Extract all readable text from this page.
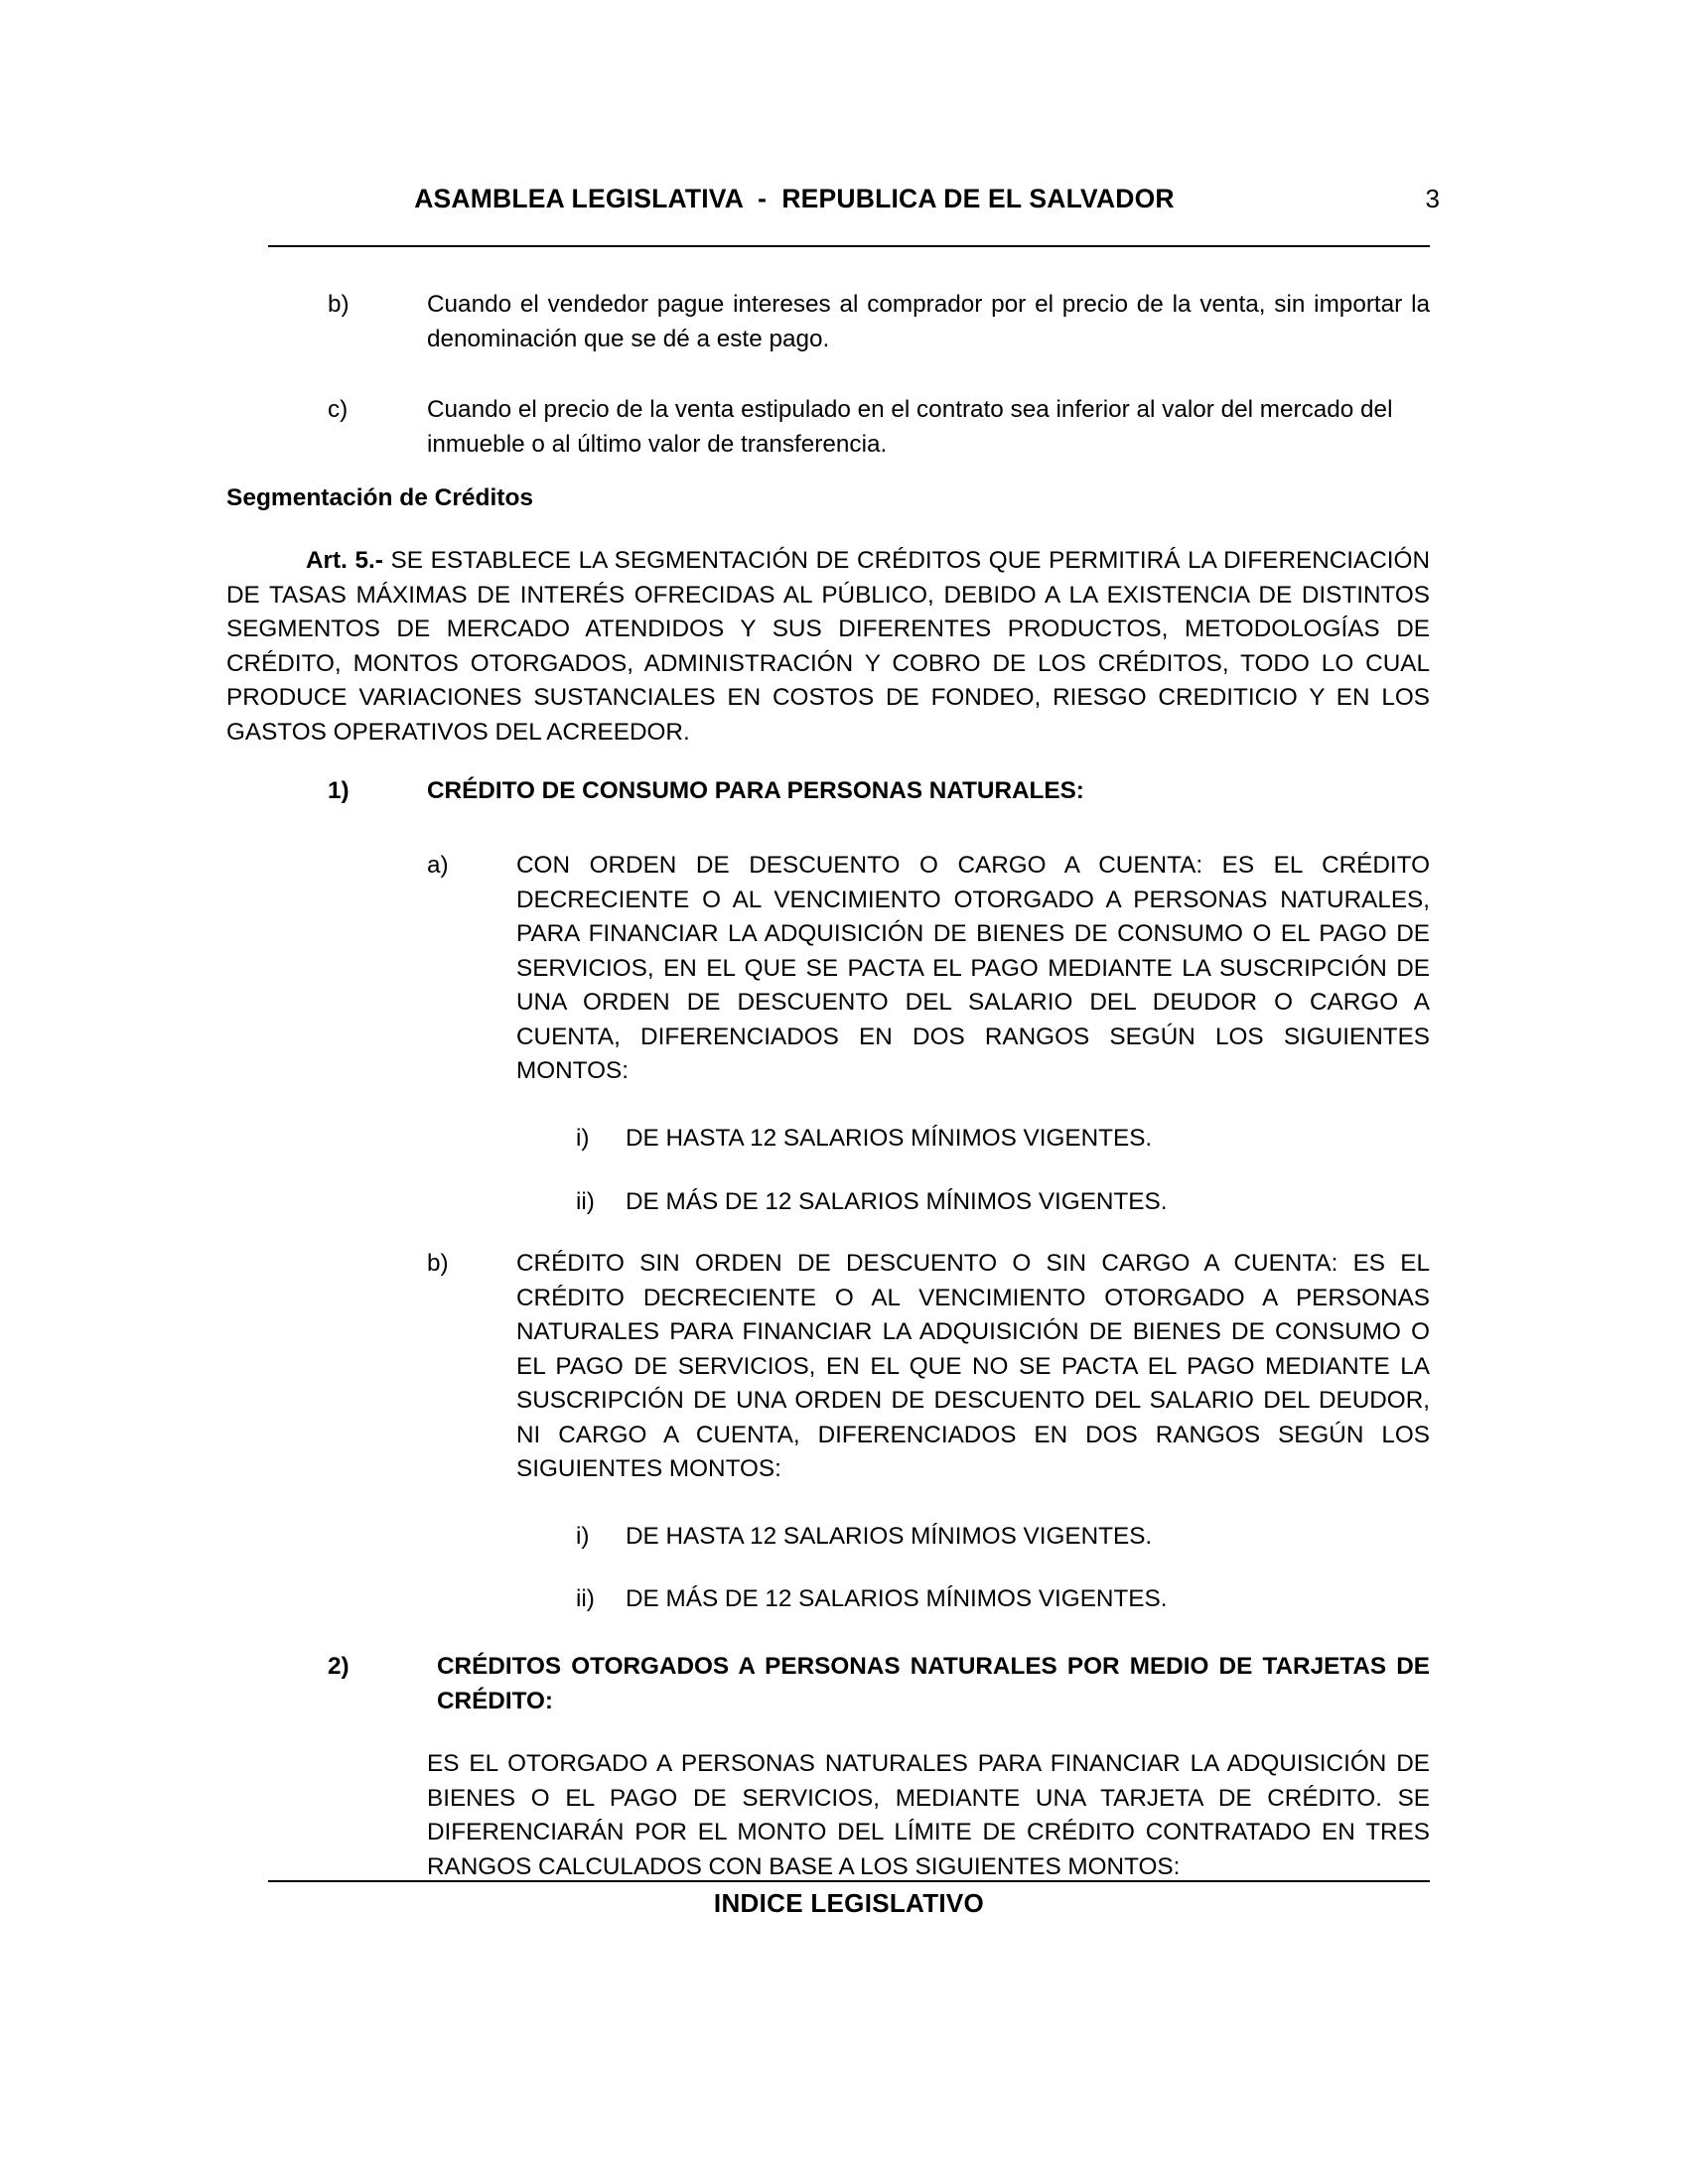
ASAMBLEA LEGISLATIVA  -  REPUBLICA DE EL SALVADOR	3
b)	Cuando el vendedor pague intereses al comprador por el precio de la venta, sin importar la denominación que se dé a este pago.
c)	Cuando el precio de la venta estipulado en el contrato sea inferior al valor del mercado del inmueble o al último valor de transferencia.
Segmentación de Créditos
Art. 5.- SE ESTABLECE LA SEGMENTACIÓN DE CRÉDITOS QUE PERMITIRÁ LA DIFERENCIACIÓN DE TASAS MÁXIMAS DE INTERÉS OFRECIDAS AL PÚBLICO, DEBIDO A LA EXISTENCIA DE DISTINTOS SEGMENTOS DE MERCADO ATENDIDOS Y SUS DIFERENTES PRODUCTOS, METODOLOGÍAS DE CRÉDITO, MONTOS OTORGADOS, ADMINISTRACIÓN Y COBRO DE LOS CRÉDITOS, TODO LO CUAL PRODUCE VARIACIONES SUSTANCIALES EN COSTOS DE FONDEO, RIESGO CREDITICIO Y EN LOS GASTOS OPERATIVOS DEL ACREEDOR.
1)	CRÉDITO DE CONSUMO PARA PERSONAS NATURALES:
a)	CON ORDEN DE DESCUENTO O CARGO A CUENTA: ES EL CRÉDITO DECRECIENTE O AL VENCIMIENTO OTORGADO A PERSONAS NATURALES, PARA FINANCIAR LA ADQUISICIÓN DE BIENES DE CONSUMO O EL PAGO DE SERVICIOS, EN EL QUE SE PACTA EL PAGO MEDIANTE LA SUSCRIPCIÓN DE UNA ORDEN DE DESCUENTO DEL SALARIO DEL DEUDOR O CARGO A CUENTA, DIFERENCIADOS EN DOS RANGOS SEGÚN LOS SIGUIENTES MONTOS:
i) DE HASTA 12 SALARIOS MÍNIMOS VIGENTES.
ii) DE MÁS DE 12 SALARIOS MÍNIMOS VIGENTES.
b)	CRÉDITO SIN ORDEN DE DESCUENTO O SIN CARGO A CUENTA: ES EL CRÉDITO DECRECIENTE O AL VENCIMIENTO OTORGADO A PERSONAS NATURALES PARA FINANCIAR LA ADQUISICIÓN DE BIENES DE CONSUMO O EL PAGO DE SERVICIOS, EN EL QUE NO SE PACTA EL PAGO MEDIANTE LA SUSCRIPCIÓN DE UNA ORDEN DE DESCUENTO DEL SALARIO DEL DEUDOR, NI CARGO A CUENTA, DIFERENCIADOS EN DOS RANGOS SEGÚN LOS SIGUIENTES MONTOS:
i) DE HASTA 12 SALARIOS MÍNIMOS VIGENTES.
ii) DE MÁS DE 12 SALARIOS MÍNIMOS VIGENTES.
2)	CRÉDITOS OTORGADOS A PERSONAS NATURALES POR MEDIO DE TARJETAS DE CRÉDITO:
ES EL OTORGADO A PERSONAS NATURALES PARA FINANCIAR LA ADQUISICIÓN DE BIENES O EL PAGO DE SERVICIOS, MEDIANTE UNA TARJETA DE CRÉDITO. SE DIFERENCIARÁN POR EL MONTO DEL LÍMITE DE CRÉDITO CONTRATADO EN TRES RANGOS CALCULADOS CON BASE A LOS SIGUIENTES MONTOS:
INDICE LEGISLATIVO
